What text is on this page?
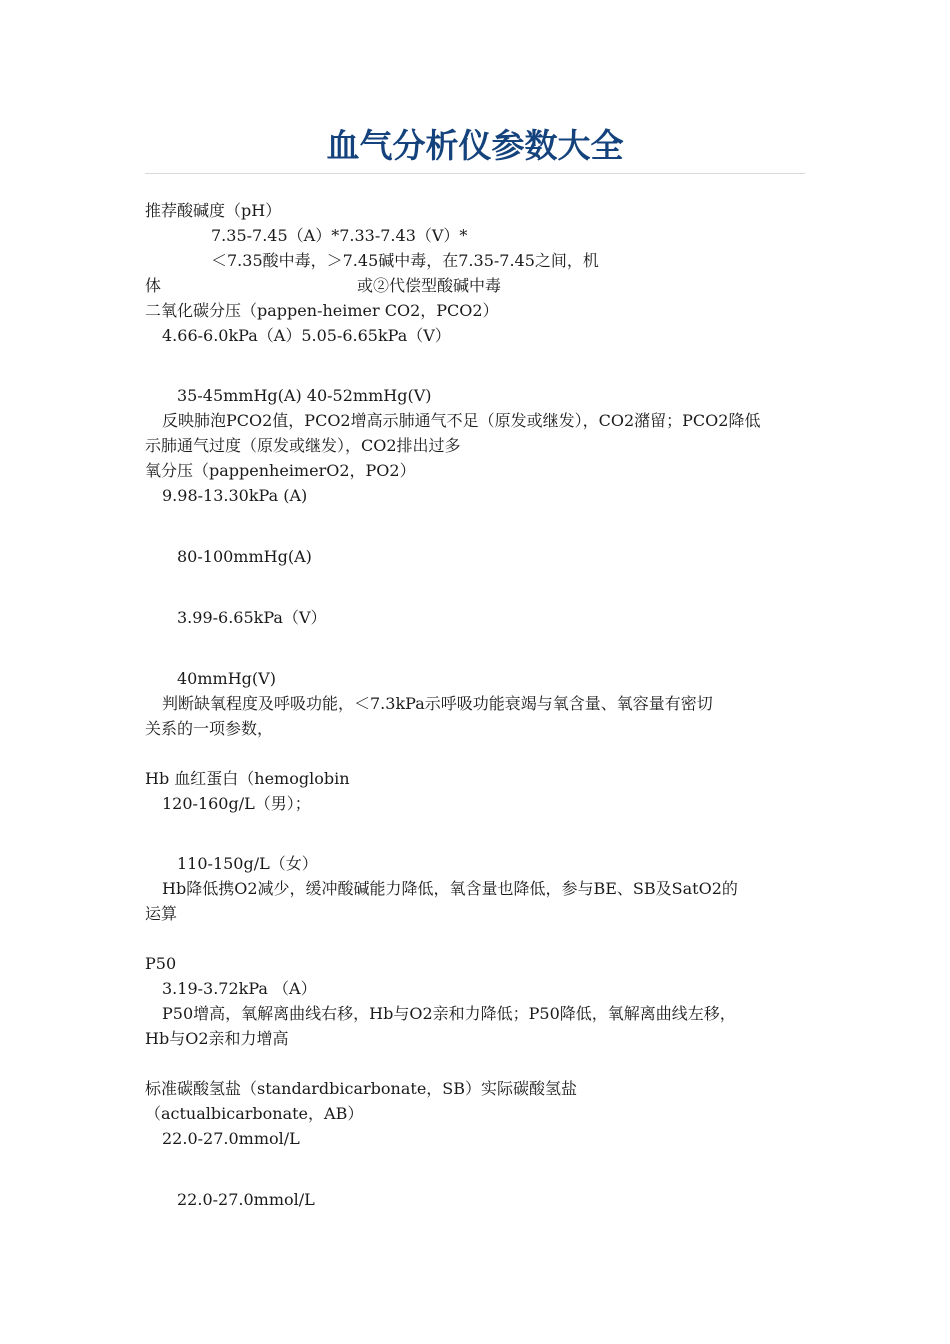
血气分析仪参数大全

推荐酸碱度（pH）

7.35-7.45（A）*7.33-7.43（V）*

＜7.35酸中毒，＞7.45碱中毒，在7.35-7.45之间，机

体	或②代偿型酸碱中毒

二氧化碳分压（pappen-heimer CO2，PCO2）

4.66-6.0kPa（A）5.05-6.65kPa（V）

35-45mmHg(A) 40-52mmHg(V)

反映肺泡PCO2值，PCO2增高示肺通气不足（原发或继发），CO2潴留；PCO2降低

示肺通气过度（原发或继发），CO2排出过多

氧分压（pappenheimerO2，PO2）

9.98-13.30kPa (A)

80-100mmHg(A)

3.99-6.65kPa（V）

40mmHg(V)

判断缺氧程度及呼吸功能，＜7.3kPa示呼吸功能衰竭与氧含量、氧容量有密切

关系的一项参数，

Hb 血红蛋白（hemoglobin

120-160g/L（男）；

110-150g/L（女）

Hb降低携O2减少，缓冲酸碱能力降低，氧含量也降低，参与BE、SB及SatO2的

运算

P50

3.19-3.72kPa （A）

P50增高，氧解离曲线右移，Hb与O2亲和力降低；P50降低，氧解离曲线左移，

Hb与O2亲和力增高

标准碳酸氢盐（standardbicarbonate，SB）实际碳酸氢盐

（actualbicarbonate，AB）

22.0-27.0mmol/L

22.0-27.0mmol/L
